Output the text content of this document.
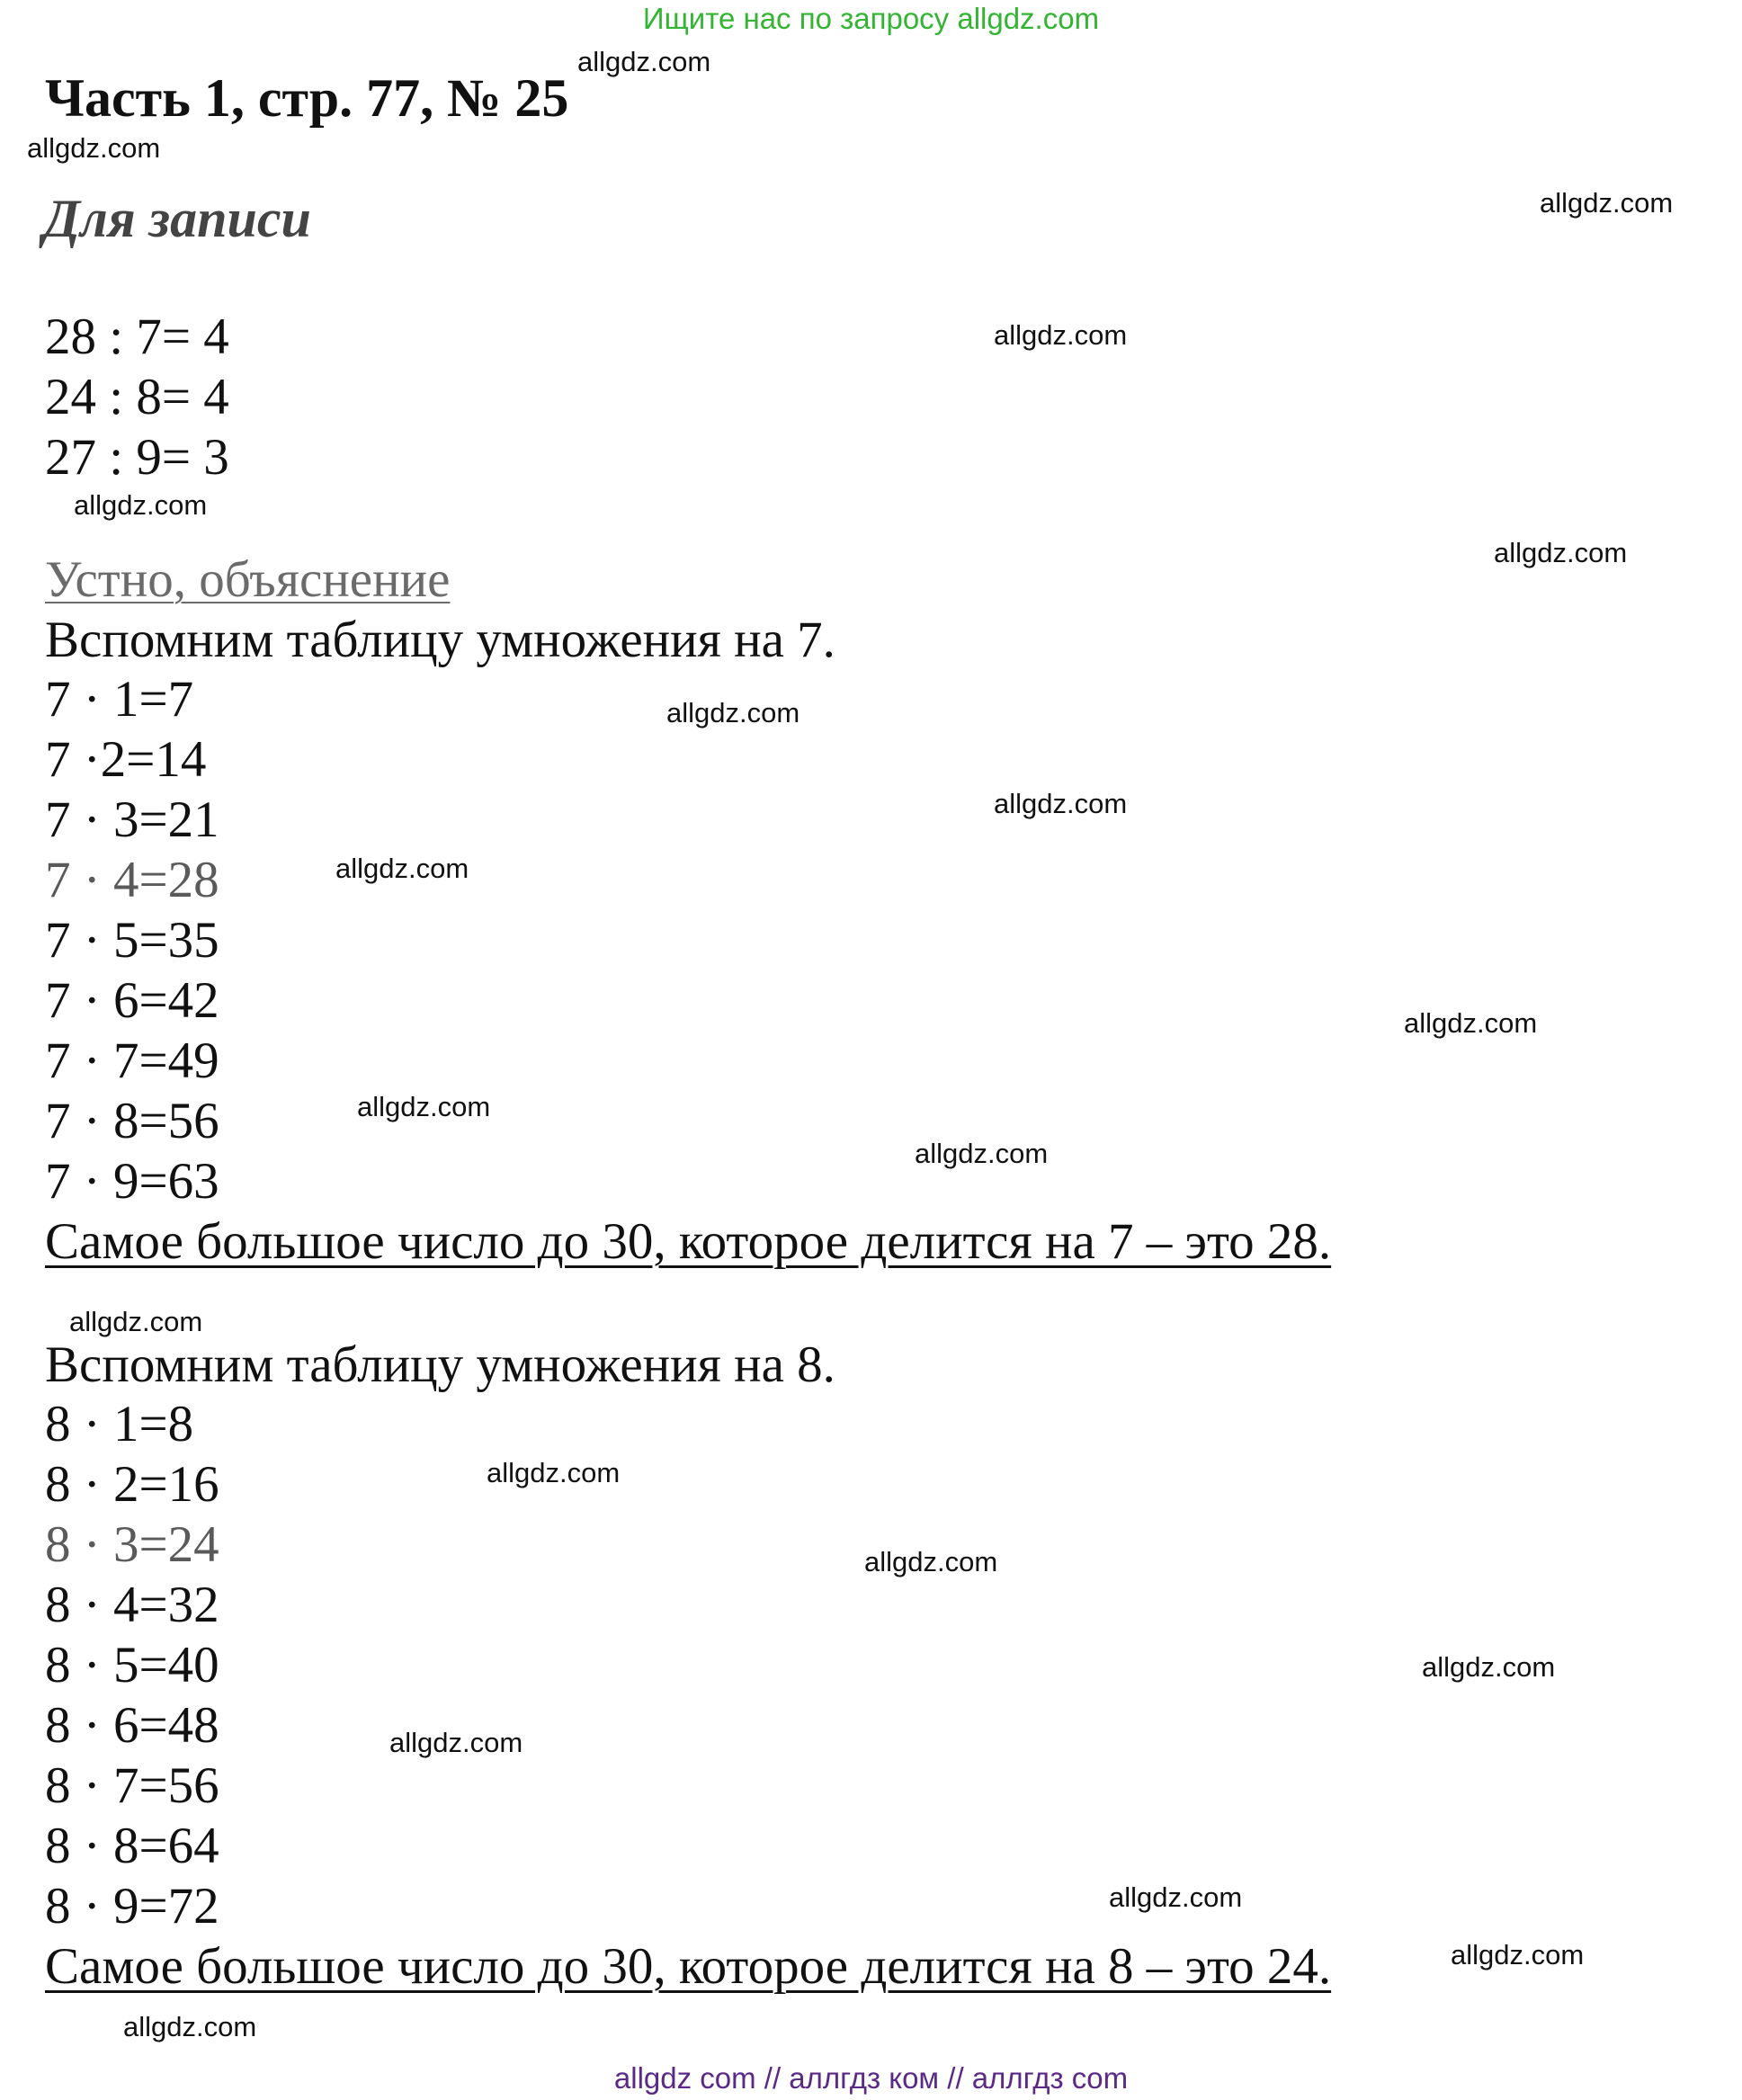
Ищите нас по запросу allgdz.com
Часть 1, стр. 77, № 25
Для записи
28 : 7= 4
24 : 8= 4
27 : 9= 3
Устно, объяснение
Вспомним таблицу умножения на 7.
7 · 1=7
7 ·2=14
7 · 3=21
7 · 4=28
7 · 5=35
7 · 6=42
7 · 7=49
7 · 8=56
7 · 9=63
Самое большое число до 30, которое делится на 7 – это 28.
Вспомним таблицу умножения на 8.
8 · 1=8
8 · 2=16
8 · 3=24
8 · 4=32
8 · 5=40
8 · 6=48
8 · 7=56
8 · 8=64
8 · 9=72
Самое большое число до 30, которое делится на 8 – это 24.
allgdz.com
allgdz.com
allgdz.com
allgdz.com
allgdz.com
allgdz.com
allgdz.com
allgdz.com
allgdz.com
allgdz.com
allgdz.com
allgdz.com
allgdz.com
allgdz.com
allgdz.com
allgdz.com
allgdz.com
allgdz.com
allgdz.com
allgdz.com
allgdz com // аллгдз ком // аллгдз com
